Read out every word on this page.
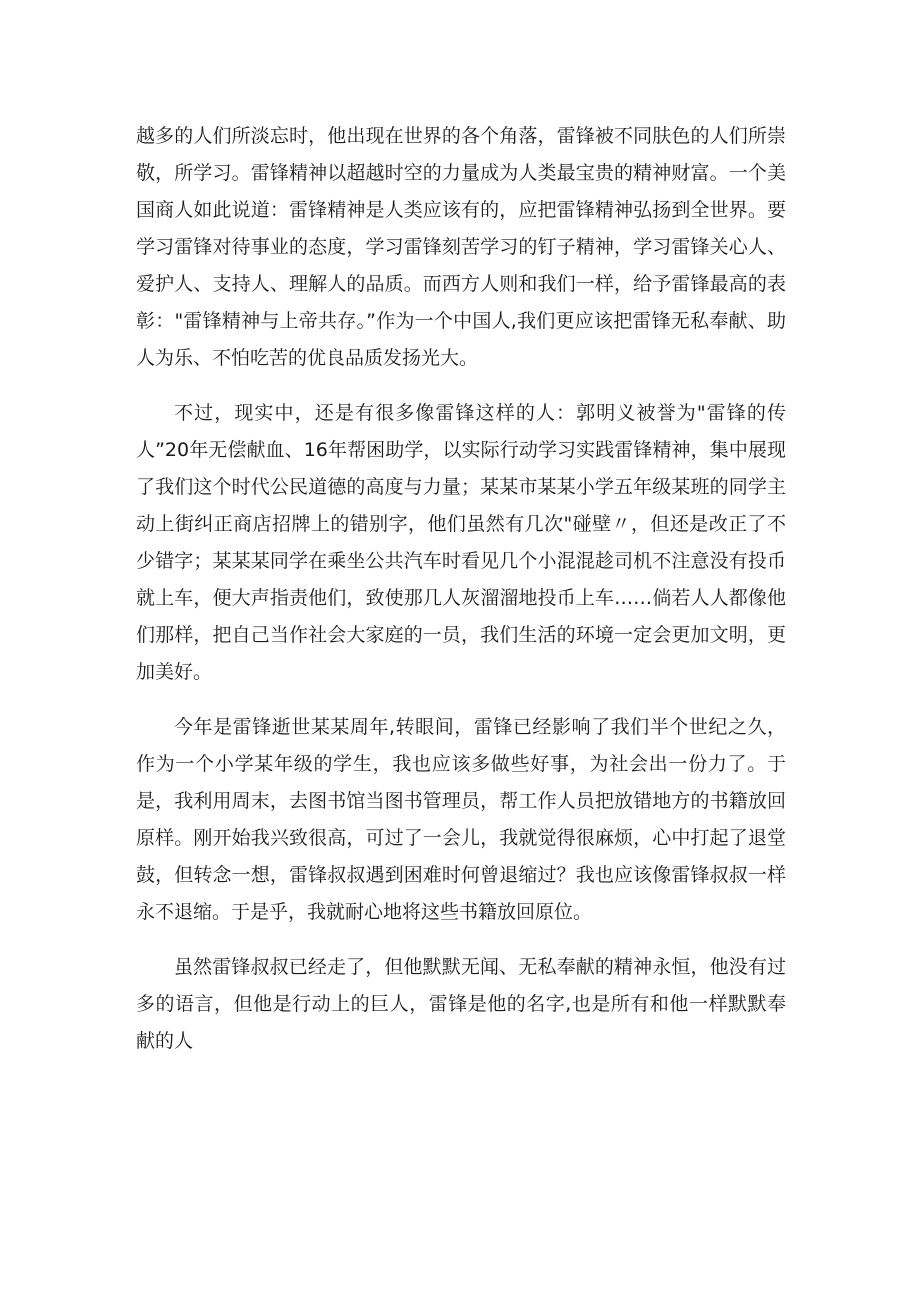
越多的人们所淡忘时，他出现在世界的各个角落，雷锋被不同肤色的人们所崇敬，所学习。雷锋精神以超越时空的力量成为人类最宝贵的精神财富。一个美国商人如此说道：雷锋精神是人类应该有的，应把雷锋精神弘扬到全世界。要学习雷锋对待事业的态度，学习雷锋刻苦学习的钉子精神，学习雷锋关心人、爱护人、支持人、理解人的品质。而西方人则和我们一样，给予雷锋最高的表彰："雷锋精神与上帝共存。”作为一个中国人,我们更应该把雷锋无私奉献、助人为乐、不怕吃苦的优良品质发扬光大。

不过，现实中，还是有很多像雷锋这样的人：郭明义被誉为"雷锋的传人”20年无偿献血、16年帮困助学，以实际行动学习实践雷锋精神，集中展现了我们这个时代公民道德的高度与力量；某某市某某小学五年级某班的同学主动上街纠正商店招牌上的错别字，他们虽然有几次"碰壁〃，但还是改正了不少错字；某某某同学在乘坐公共汽车时看见几个小混混趁司机不注意没有投币就上车，便大声指责他们，致使那几人灰溜溜地投币上车……倘若人人都像他们那样，把自己当作社会大家庭的一员，我们生活的环境一定会更加文明，更加美好。

今年是雷锋逝世某某周年,转眼间，雷锋已经影响了我们半个世纪之久，作为一个小学某年级的学生，我也应该多做些好事，为社会出一份力了。于是，我利用周末，去图书馆当图书管理员，帮工作人员把放错地方的书籍放回原样。刚开始我兴致很高，可过了一会儿，我就觉得很麻烦，心中打起了退堂鼓，但转念一想，雷锋叔叔遇到困难时何曾退缩过？我也应该像雷锋叔叔一样永不退缩。于是乎，我就耐心地将这些书籍放回原位。

虽然雷锋叔叔已经走了，但他默默无闻、无私奉献的精神永恒，他没有过多的语言，但他是行动上的巨人，雷锋是他的名字,也是所有和他一样默默奉献的人
